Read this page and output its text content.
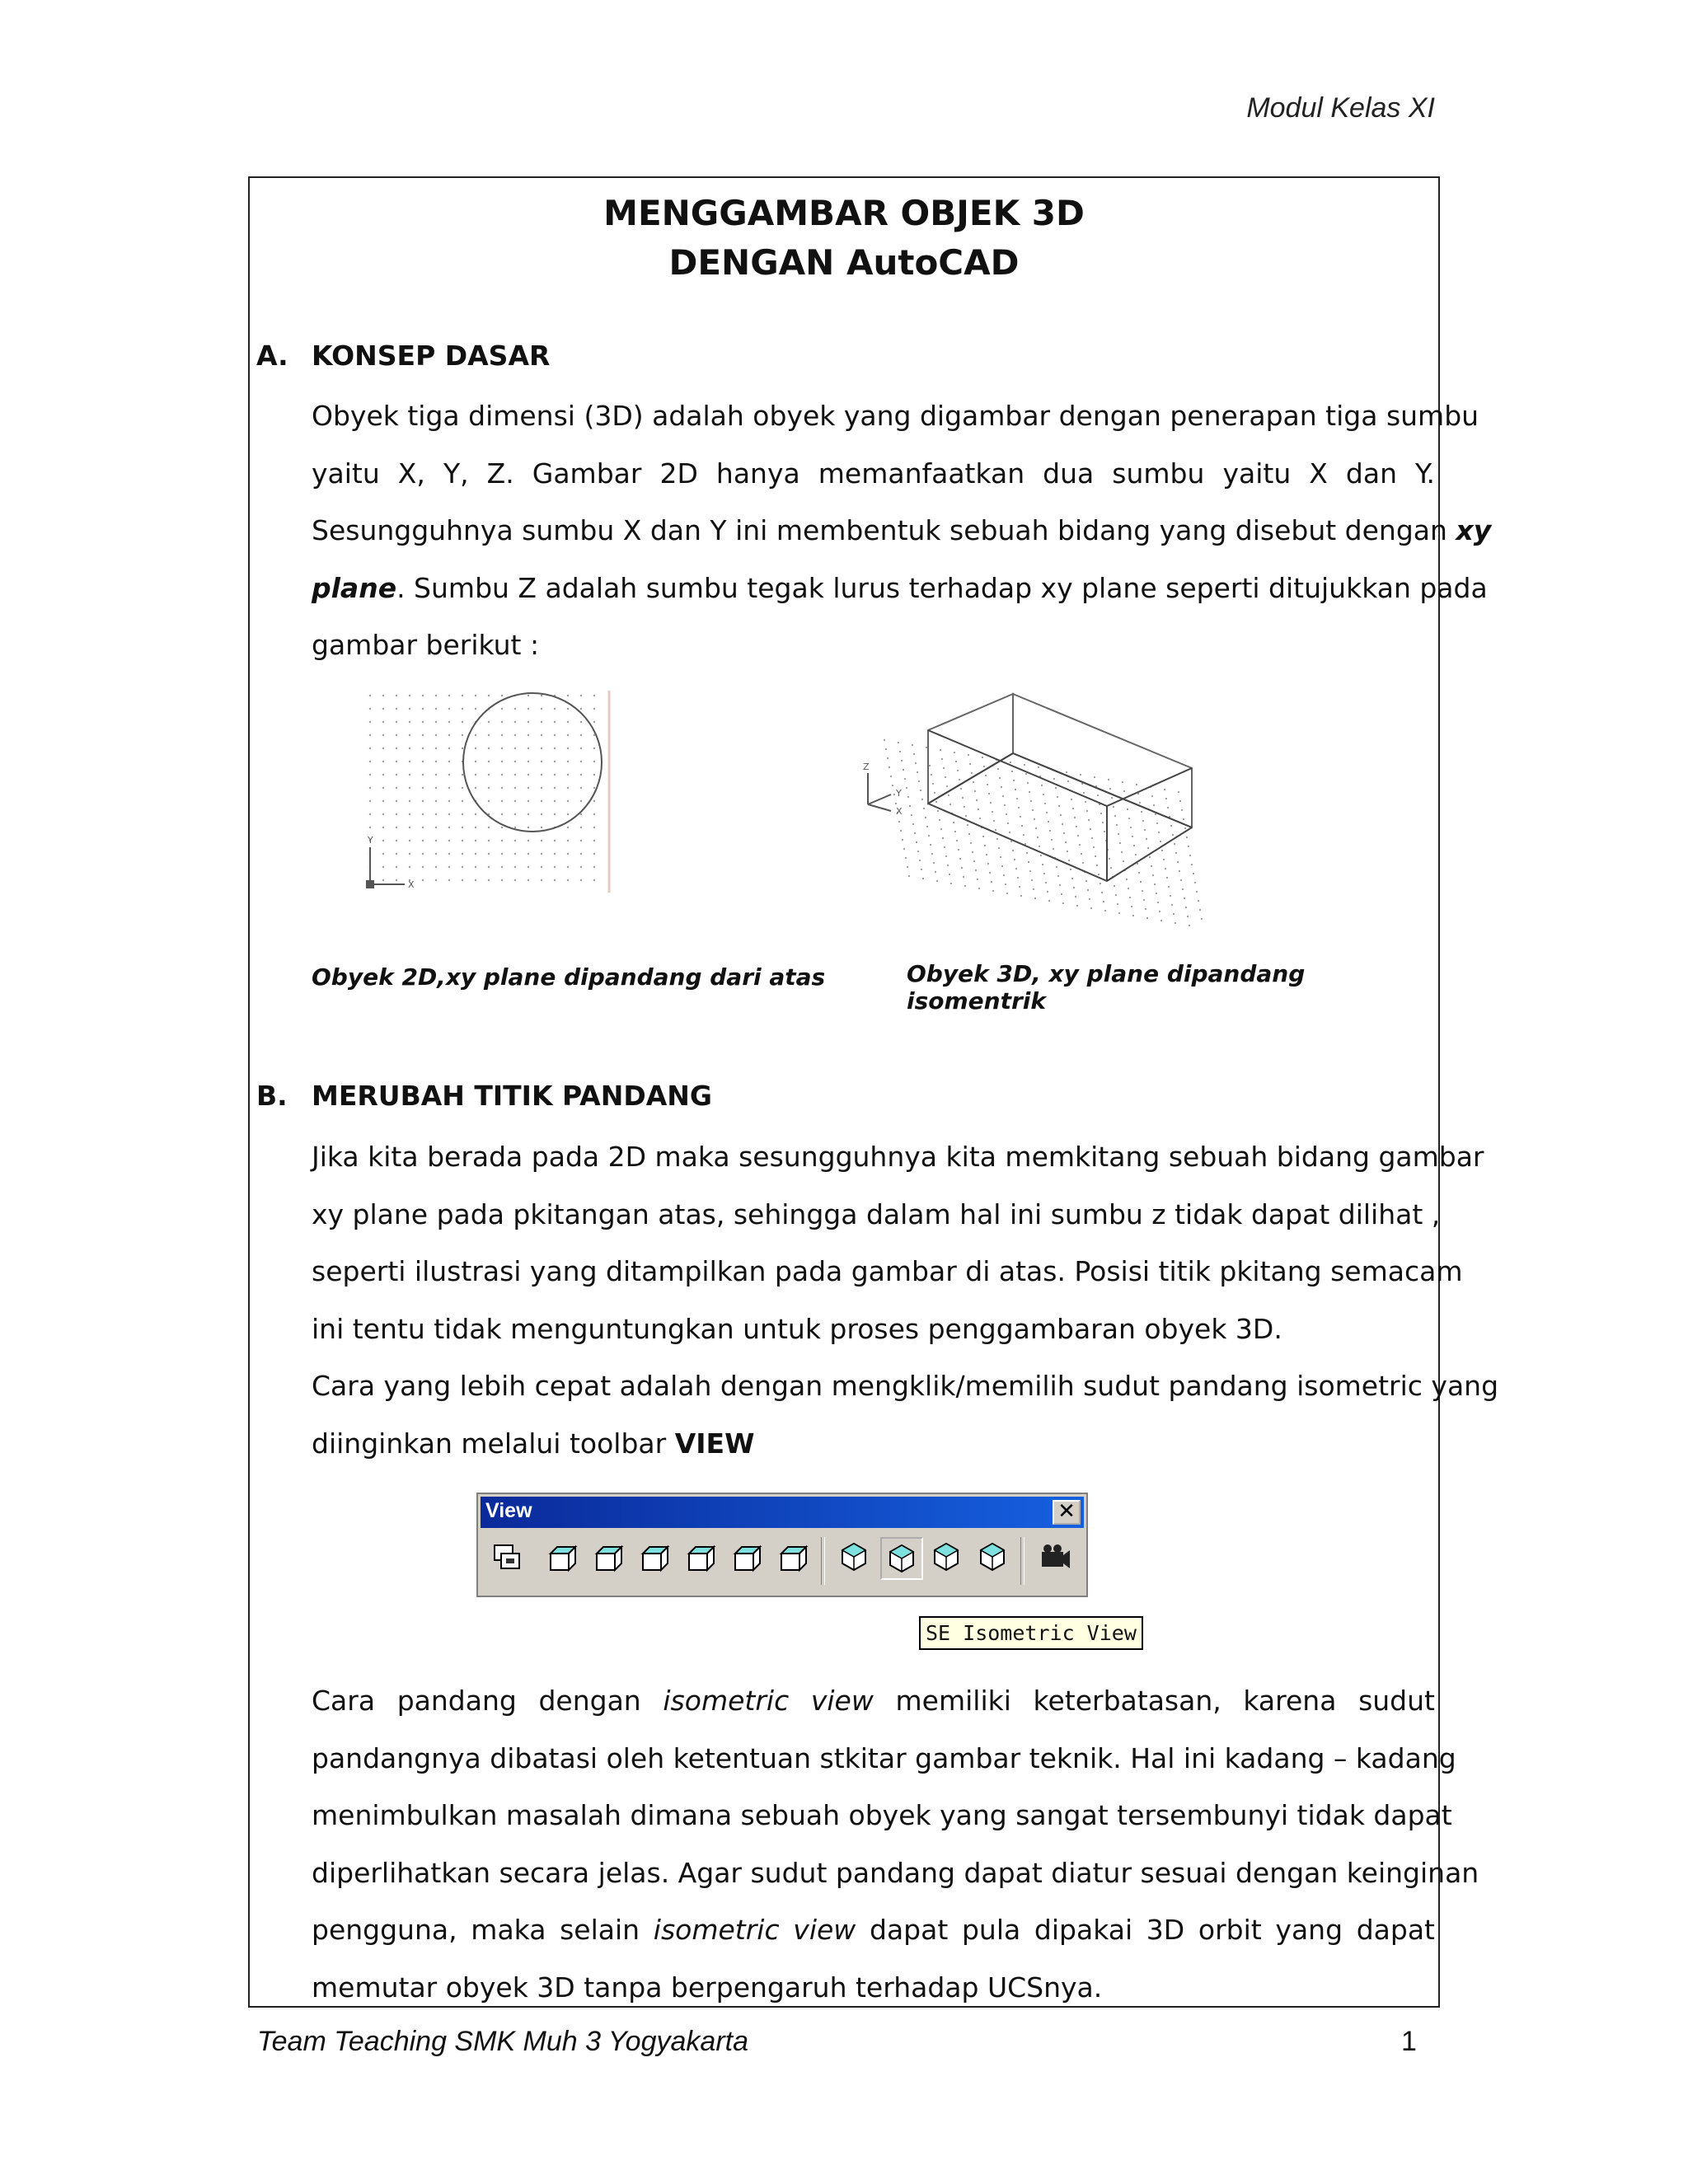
Modul Kelas XI
MENGGAMBAR OBJEK 3D
DENGAN AutoCAD
A. KONSEP DASAR
Obyek tiga dimensi (3D) adalah obyek yang digambar dengan penerapan tiga sumbu
yaitu X, Y, Z. Gambar 2D hanya memanfaatkan dua sumbu yaitu X dan Y.
Sesungguhnya sumbu X dan Y ini membentuk sebuah bidang yang disebut dengan xy
plane. Sumbu Z adalah sumbu tegak lurus terhadap xy plane seperti ditujukkan pada
gambar berikut :
Y
X
Z
Y
X
Obyek 2D,xy plane dipandang dari atas	Obyek 3D, xy plane dipandang isomentrik
B. MERUBAH TITIK PANDANG
Jika kita berada pada 2D maka sesungguhnya kita memkitang sebuah bidang gambar
xy plane pada pkitangan atas, sehingga dalam hal ini sumbu z tidak dapat dilihat ,
seperti ilustrasi yang ditampilkan pada gambar di atas. Posisi titik pkitang semacam
ini tentu tidak menguntungkan untuk proses penggambaran obyek 3D.
Cara yang lebih cepat adalah dengan mengklik/memilih sudut pandang isometric yang
diinginkan melalui toolbar VIEW
View	✕
SE Isometric View
Cara pandang dengan isometric view memiliki keterbatasan, karena sudut
pandangnya dibatasi oleh ketentuan stkitar gambar teknik. Hal ini kadang – kadang
menimbulkan masalah dimana sebuah obyek yang sangat tersembunyi tidak dapat
diperlihatkan secara jelas. Agar sudut pandang dapat diatur sesuai dengan keinginan
pengguna, maka selain isometric view dapat pula dipakai 3D orbit yang dapat
memutar obyek 3D tanpa berpengaruh terhadap UCSnya.
Team Teaching SMK Muh 3 Yogyakarta	1
